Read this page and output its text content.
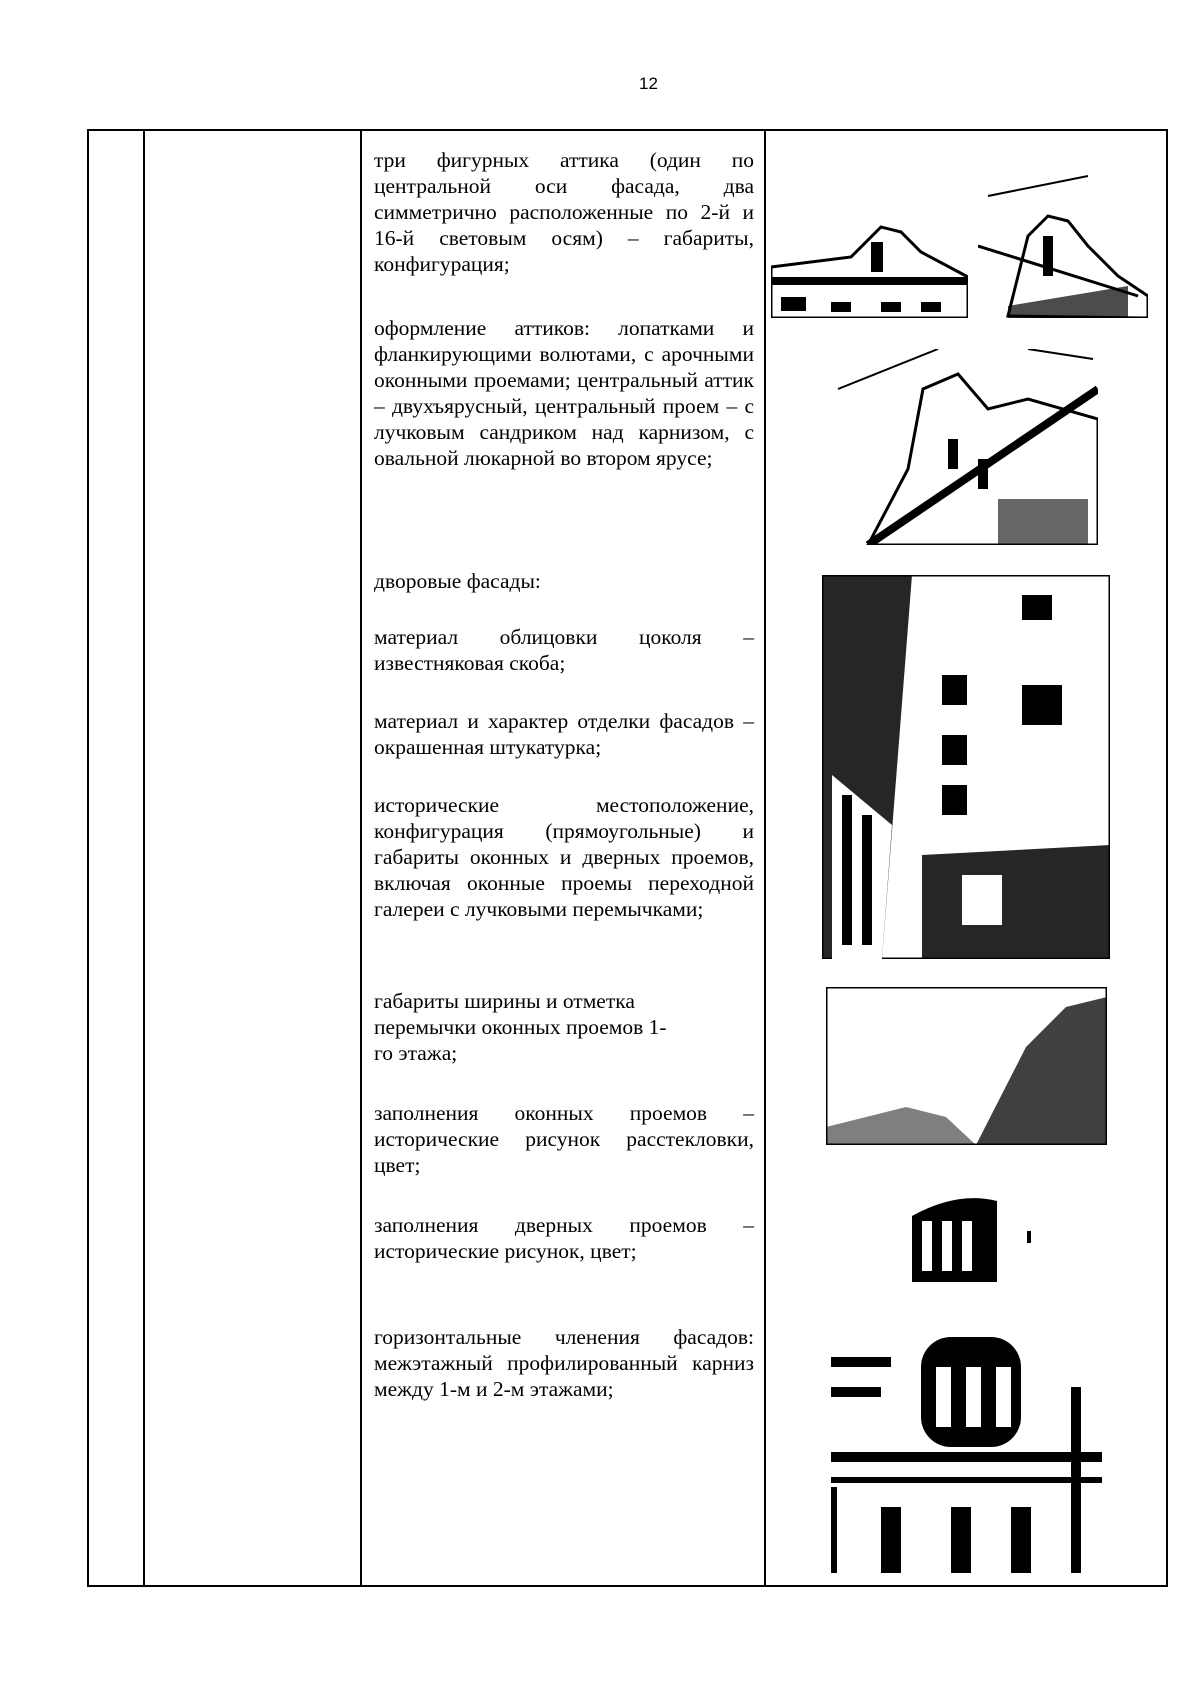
12

три фигурных аттика (один по центральной оси фасада, два симметрично расположенные по 2-й и 16-й световым осям) – габариты, конфигурация;

оформление аттиков: лопатками и фланкирующими волютами, с арочными оконными проемами; центральный аттик – двухъярусный, центральный проем – с лучковым сандриком над карнизом, с овальной люкарной во втором ярусе;

дворовые фасады:

материал облицовки цоколя – известняковая скоба;

материал и характер отделки фасадов – окрашенная штукатурка;

исторические местоположение, конфигурация (прямоугольные) и габариты оконных и дверных проемов, включая оконные проемы переходной галереи с лучковыми перемычками;

габариты ширины и отметка перемычки оконных проемов 1-го этажа;

заполнения оконных проемов – исторические рисунок расстекловки, цвет;

заполнения дверных проемов – исторические рисунок, цвет;

горизонтальные членения фасадов: межэтажный профилированный карниз между 1-м и 2-м этажами;
